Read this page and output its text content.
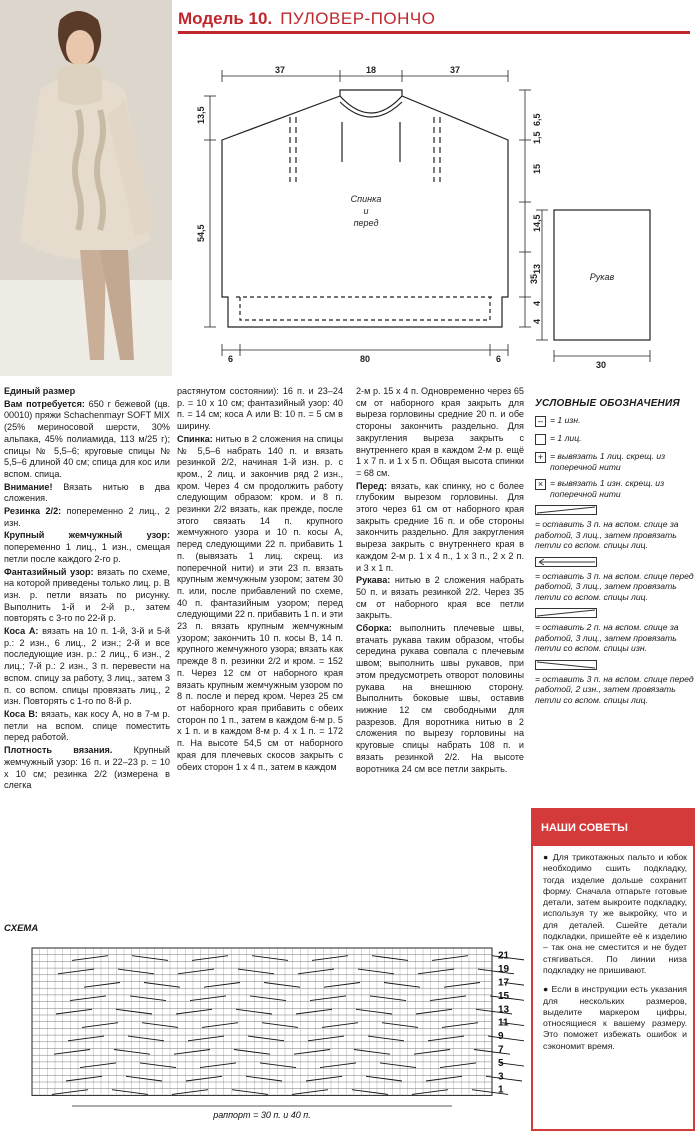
Модель 10. ПУЛОВЕР-ПОНЧО
37	18	37
13,5
54,5
6,5
1,5
15
14,5
13
4
4
6	80	6
35
30
Спинка
и
перед
Рукав

Единый размер

Вам потребуется: 650 г бежевой (цв. 00010) пряжи Schachenmayr SOFT MIX (25% мериносовой шерсти, 30% альпака, 45% полиамида, 113 м/25 г); спицы № 5,5–6; круговые спицы № 5,5–6 длиной 40 см; спица для кос или вспом. спица.

Внимание! Вязать нитью в два сложения.

Резинка 2/2: попеременно 2 лиц., 2 изн.

Крупный жемчужный узор: попеременно 1 лиц., 1 изн., смещая петли после каждого 2-го р.

Фантазийный узор: вязать по схеме, на которой приведены только лиц. р. В изн. р. петли вязать по рисунку. Выполнить 1-й и 2-й р., затем повторять с 3-го по 22-й р.

Коса А: вязать на 10 п. 1-й, 3-й и 5-й р.: 2 изн., 6 лиц., 2 изн.; 2-й и все последующие изн. р.: 2 лиц., 6 изн., 2 лиц.; 7-й р.: 2 изн., 3 п. перевести на вспом. спицу за работу, 3 лиц., затем 3 п. со вспом. спицы провязать лиц., 2 изн. Повторять с 1-го по 8-й р.

Коса В: вязать, как косу А, но в 7-м р. петли на вспом. спице поместить перед работой.

Плотность вязания. Крупный жемчужный узор: 16 п. и 22–23 р. = 10 х 10 см; резинка 2/2 (измерена в слегка

растянутом состоянии): 16 п. и 23–24 р. = 10 х 10 см; фантазийный узор: 40 п. = 14 см; коса А или В: 10 п. = 5 см в ширину.

Спинка: нитью в 2 сложения на спицы № 5,5–6 набрать 140 п. и вязать резинкой 2/2, начиная 1-й изн. р. с кром., 2 лиц. и закончив ряд 2 изн., кром. Через 4 см продолжить работу следующим образом: кром. и 8 п. резинки 2/2 вязать, как прежде, после этого связать 14 п. крупного жемчужного узора и 10 п. косы А, перед следующими 22 п. прибавить 1 п. (вывязать 1 лиц. скрещ. из поперечной нити) и эти 23 п. вязать крупным жемчужным узором; затем 30 п. или, после прибавлений по схеме, 40 п. фантазийным узором; перед следующими 22 п. прибавить 1 п. и эти 23 п. вязать крупным жемчужным узором; закончить 10 п. косы В, 14 п. крупного жемчужного узора; вязать как прежде 8 п. резинки 2/2 и кром. = 152 п. Через 12 см от наборного края вязать крупным жемчужным узором по 8 п. после и перед кром. Через 25 см от наборного края прибавить с обеих сторон по 1 п., затем в каждом 6-м р. 5 х 1 п. и в каждом 8-м р. 4 х 1 п. = 172 п. На высоте 54,5 см от наборного края для плечевых скосов закрыть с обеих сторон 1 х 4 п., затем в каждом

2-м р. 15 х 4 п. Одновременно через 65 см от наборного края закрыть для выреза горловины средние 20 п. и обе стороны закончить раздельно. Для закругления выреза закрыть с внутреннего края в каждом 2-м р. ещё 1 х 7 п. и 1 х 5 п. Общая высота спинки = 68 см.

Перед: вязать, как спинку, но с более глубоким вырезом горловины. Для этого через 61 см от наборного края закрыть средние 16 п. и обе стороны закончить раздельно. Для закругления выреза закрыть с внутреннего края в каждом 2-м р. 1 х 4 п., 1 х 3 п., 2 х 2 п. и 3 х 1 п.

Рукава: нитью в 2 сложения набрать 50 п. и вязать резинкой 2/2. Через 35 см от наборного края все петли закрыть.

Сборка: выполнить плечевые швы, втачать рукава таким образом, чтобы середина рукава совпала с плечевым швом; выполнить швы рукавов, при этом предусмотреть отворот половины рукава на внешнюю сторону. Выполнить боковые швы, оставив нижние 12 см свободными для разрезов. Для воротника нитью в 2 сложения по вырезу горловины на круговые спицы набрать 108 п. и вязать резинкой 2/2. На высоте воротника 24 см все петли закрыть.

УСЛОВНЫЕ ОБОЗНАЧЕНИЯ
– = 1 изн.
= 1 лиц.
+ = вывязать 1 лиц. скрещ. из поперечной нити
× = вывязать 1 изн. скрещ. из поперечной нити
= оставить 3 п. на вспом. спице за работой, 3 лиц., затем провязать петли со вспом. спицы лиц.
= оставить 3 п. на вспом. спице перед работой, 3 лиц., затем провязать петли со вспом. спицы лиц.
= оставить 2 п. на вспом. спице за работой, 3 лиц., затем провязать петли со вспом. спицы изн.
= оставить 3 п. на вспом. спице перед работой, 2 изн., затем провязать петли со вспом. спицы лиц.
НАШИ СОВЕТЫ

● Для трикотажных пальто и юбок необходимо сшить подкладку, тогда изделие дольше сохранит форму. Сначала отпарьте готовые детали, затем выкроите подкладку, используя ту же выкройку, что и для деталей. Сшейте детали подкладки, пришейте её к изделию – так она не сместится и не будет стягиваться. По линии низа подкладку не пришивают.

● Если в инструкции есть указания для нескольких размеров, выделите маркером цифры, относящиеся к вашему размеру. Это поможет избежать ошибок и сэкономит время.

СХЕМА
21
19
17
15
13
11
9
7
5
3
1
раппорт = 30 п. и 40 п.
